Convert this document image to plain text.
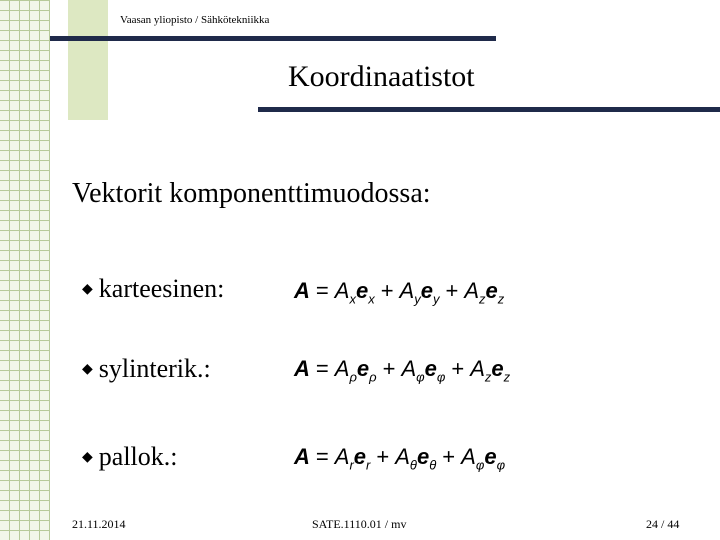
Vaasan yliopisto / Sähkötekniikka
Koordinaatistot
Vektorit komponenttimuodossa:
◆ karteesinen:	$A = A_xe_x + A_ye_y + A_ze_z$
◆ sylinterik.:	$A = A_\rho e_\rho + A_\varphi e_\varphi + A_ze_z$
◆ pallok.:	$A = A_re_r + A_\theta e_\theta + A_\varphi e_\varphi$
21.11.2014	SATE.1110.01 / mv	24 / 44
